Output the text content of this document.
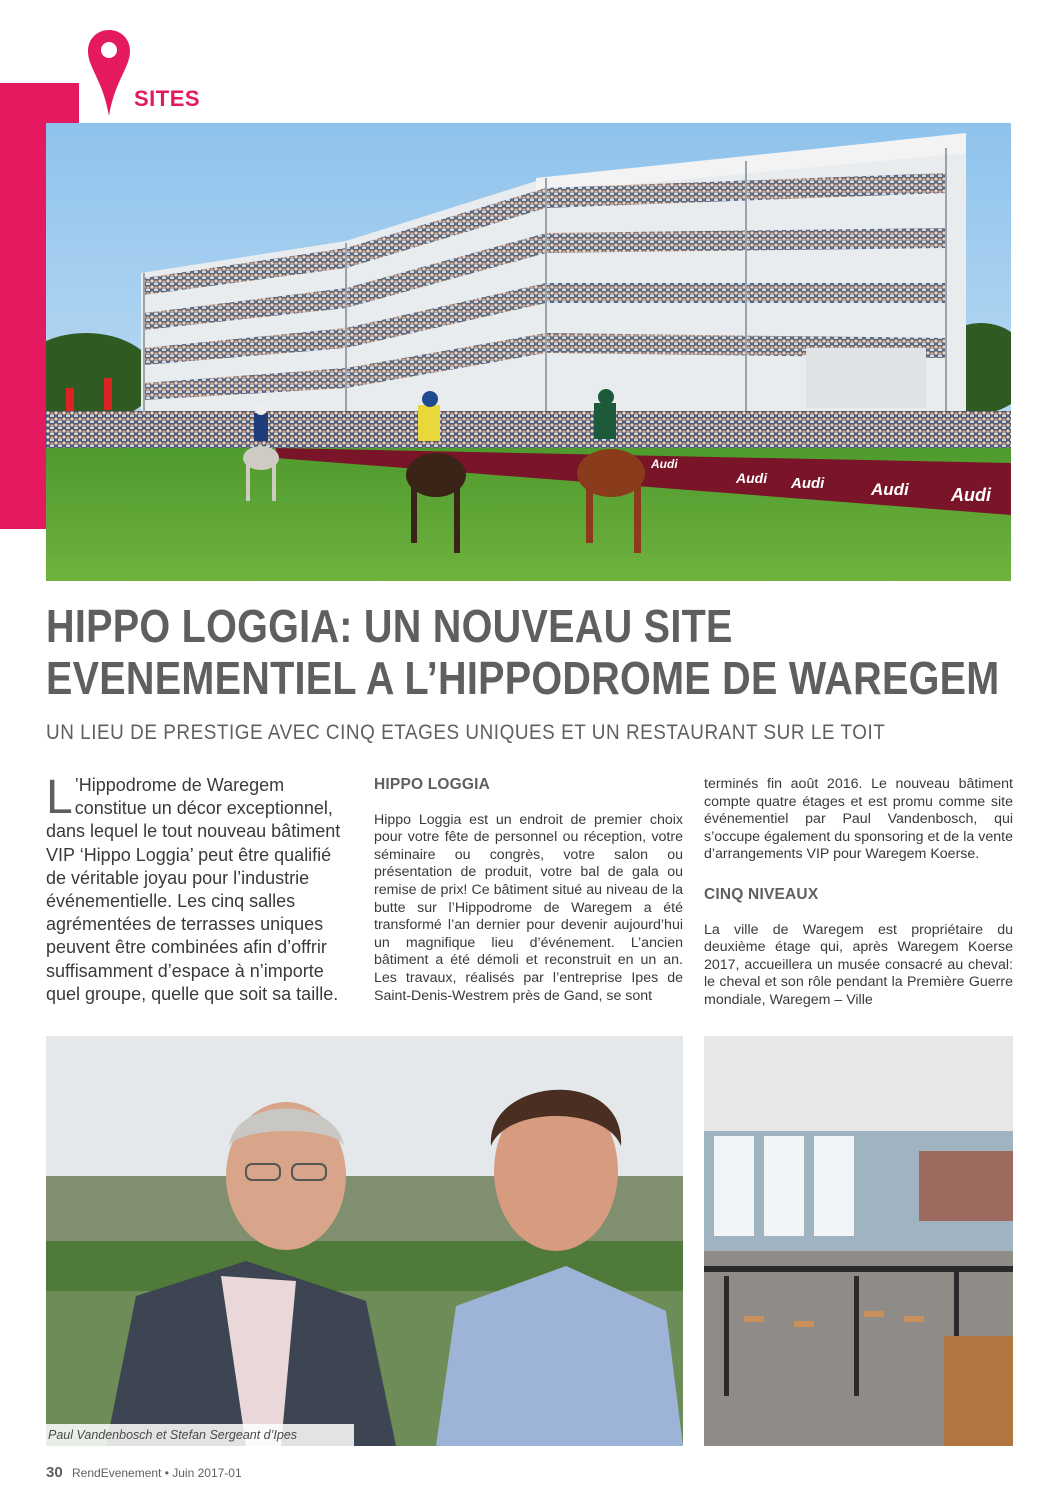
SITES
Audi
Audi Audi	Audi Audi
HIPPO LOGGIA: UN NOUVEAU SITE
EVENEMENTIEL A L’HIPPODROME DE WAREGEM
UN LIEU DE PRESTIGE AVEC CINQ ETAGES UNIQUES ET UN RESTAURANT SUR LE TOIT
L ’Hippodrome de Waregem constitue un décor exceptionnel, dans lequel le tout nouveau bâtiment VIP ‘Hippo Loggia’ peut être qualifié de véritable joyau pour l’industrie événementielle. Les cinq salles agrémentées de terrasses uniques peuvent être combinées afin d’offrir suffisamment d’espace à n’importe quel groupe, quelle que soit sa taille.
HIPPO LOGGIA

Hippo Loggia est un endroit de premier choix pour votre fête de personnel ou réception, votre séminaire ou congrès, votre salon ou présentation de produit, votre bal de gala ou remise de prix! Ce bâtiment situé au niveau de la butte sur l’Hippodrome de Waregem a été transformé l’an dernier pour devenir aujourd’hui un magnifique lieu d’événement. L’ancien bâtiment a été démoli et reconstruit en un an. Les travaux, réalisés par l’entreprise Ipes de Saint-Denis-Westrem près de Gand, se sont

terminés fin août 2016. Le nouveau bâtiment compte quatre étages et est promu comme site événementiel par Paul Vandenbosch, qui s’occupe également du sponsoring et de la vente d’arrangements VIP pour Waregem Koerse.

CINQ NIVEAUX

La ville de Waregem est propriétaire du deuxième étage qui, après Waregem Koerse 2017, accueillera un musée consacré au cheval: le cheval et son rôle pendant la Première Guerre mondiale, Waregem – Ville

Paul Vandenbosch et Stefan Sergeant d’Ipes
30 RendEvenement • Juin 2017-01
